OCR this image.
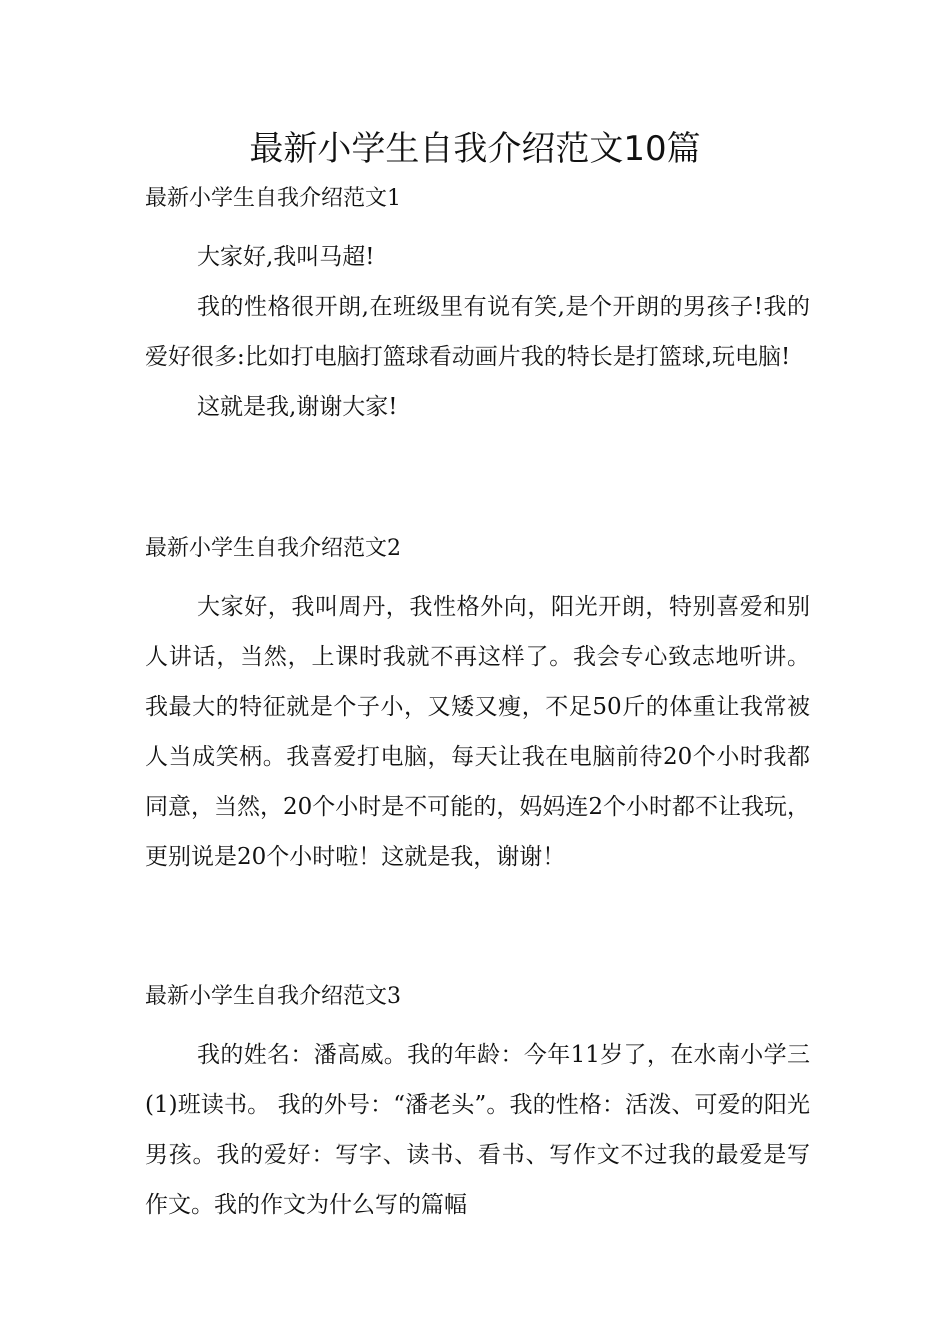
最新小学生自我介绍范文10篇

最新小学生自我介绍范文1

大家好,我叫马超!

我的性格很开朗,在班级里有说有笑,是个开朗的男孩子!我的爱好很多:比如打电脑打篮球看动画片我的特长是打篮球,玩电脑!

这就是我,谢谢大家!

最新小学生自我介绍范文2

大家好，我叫周丹，我性格外向，阳光开朗，特别喜爱和别人讲话，当然，上课时我就不再这样了。我会专心致志地听讲。我最大的特征就是个子小，又矮又瘦，不足50斤的体重让我常被人当成笑柄。我喜爱打电脑，每天让我在电脑前待20个小时我都同意，当然，20个小时是不可能的，妈妈连2个小时都不让我玩，更别说是20个小时啦！这就是我，谢谢！

最新小学生自我介绍范文3

我的姓名：潘高威。我的年龄：今年11岁了，在水南小学三(1)班读书。 我的外号：“潘老头”。我的性格：活泼、可爱的阳光男孩。我的爱好：写字、读书、看书、写作文不过我的最爱是写作文。我的作文为什么写的篇幅
